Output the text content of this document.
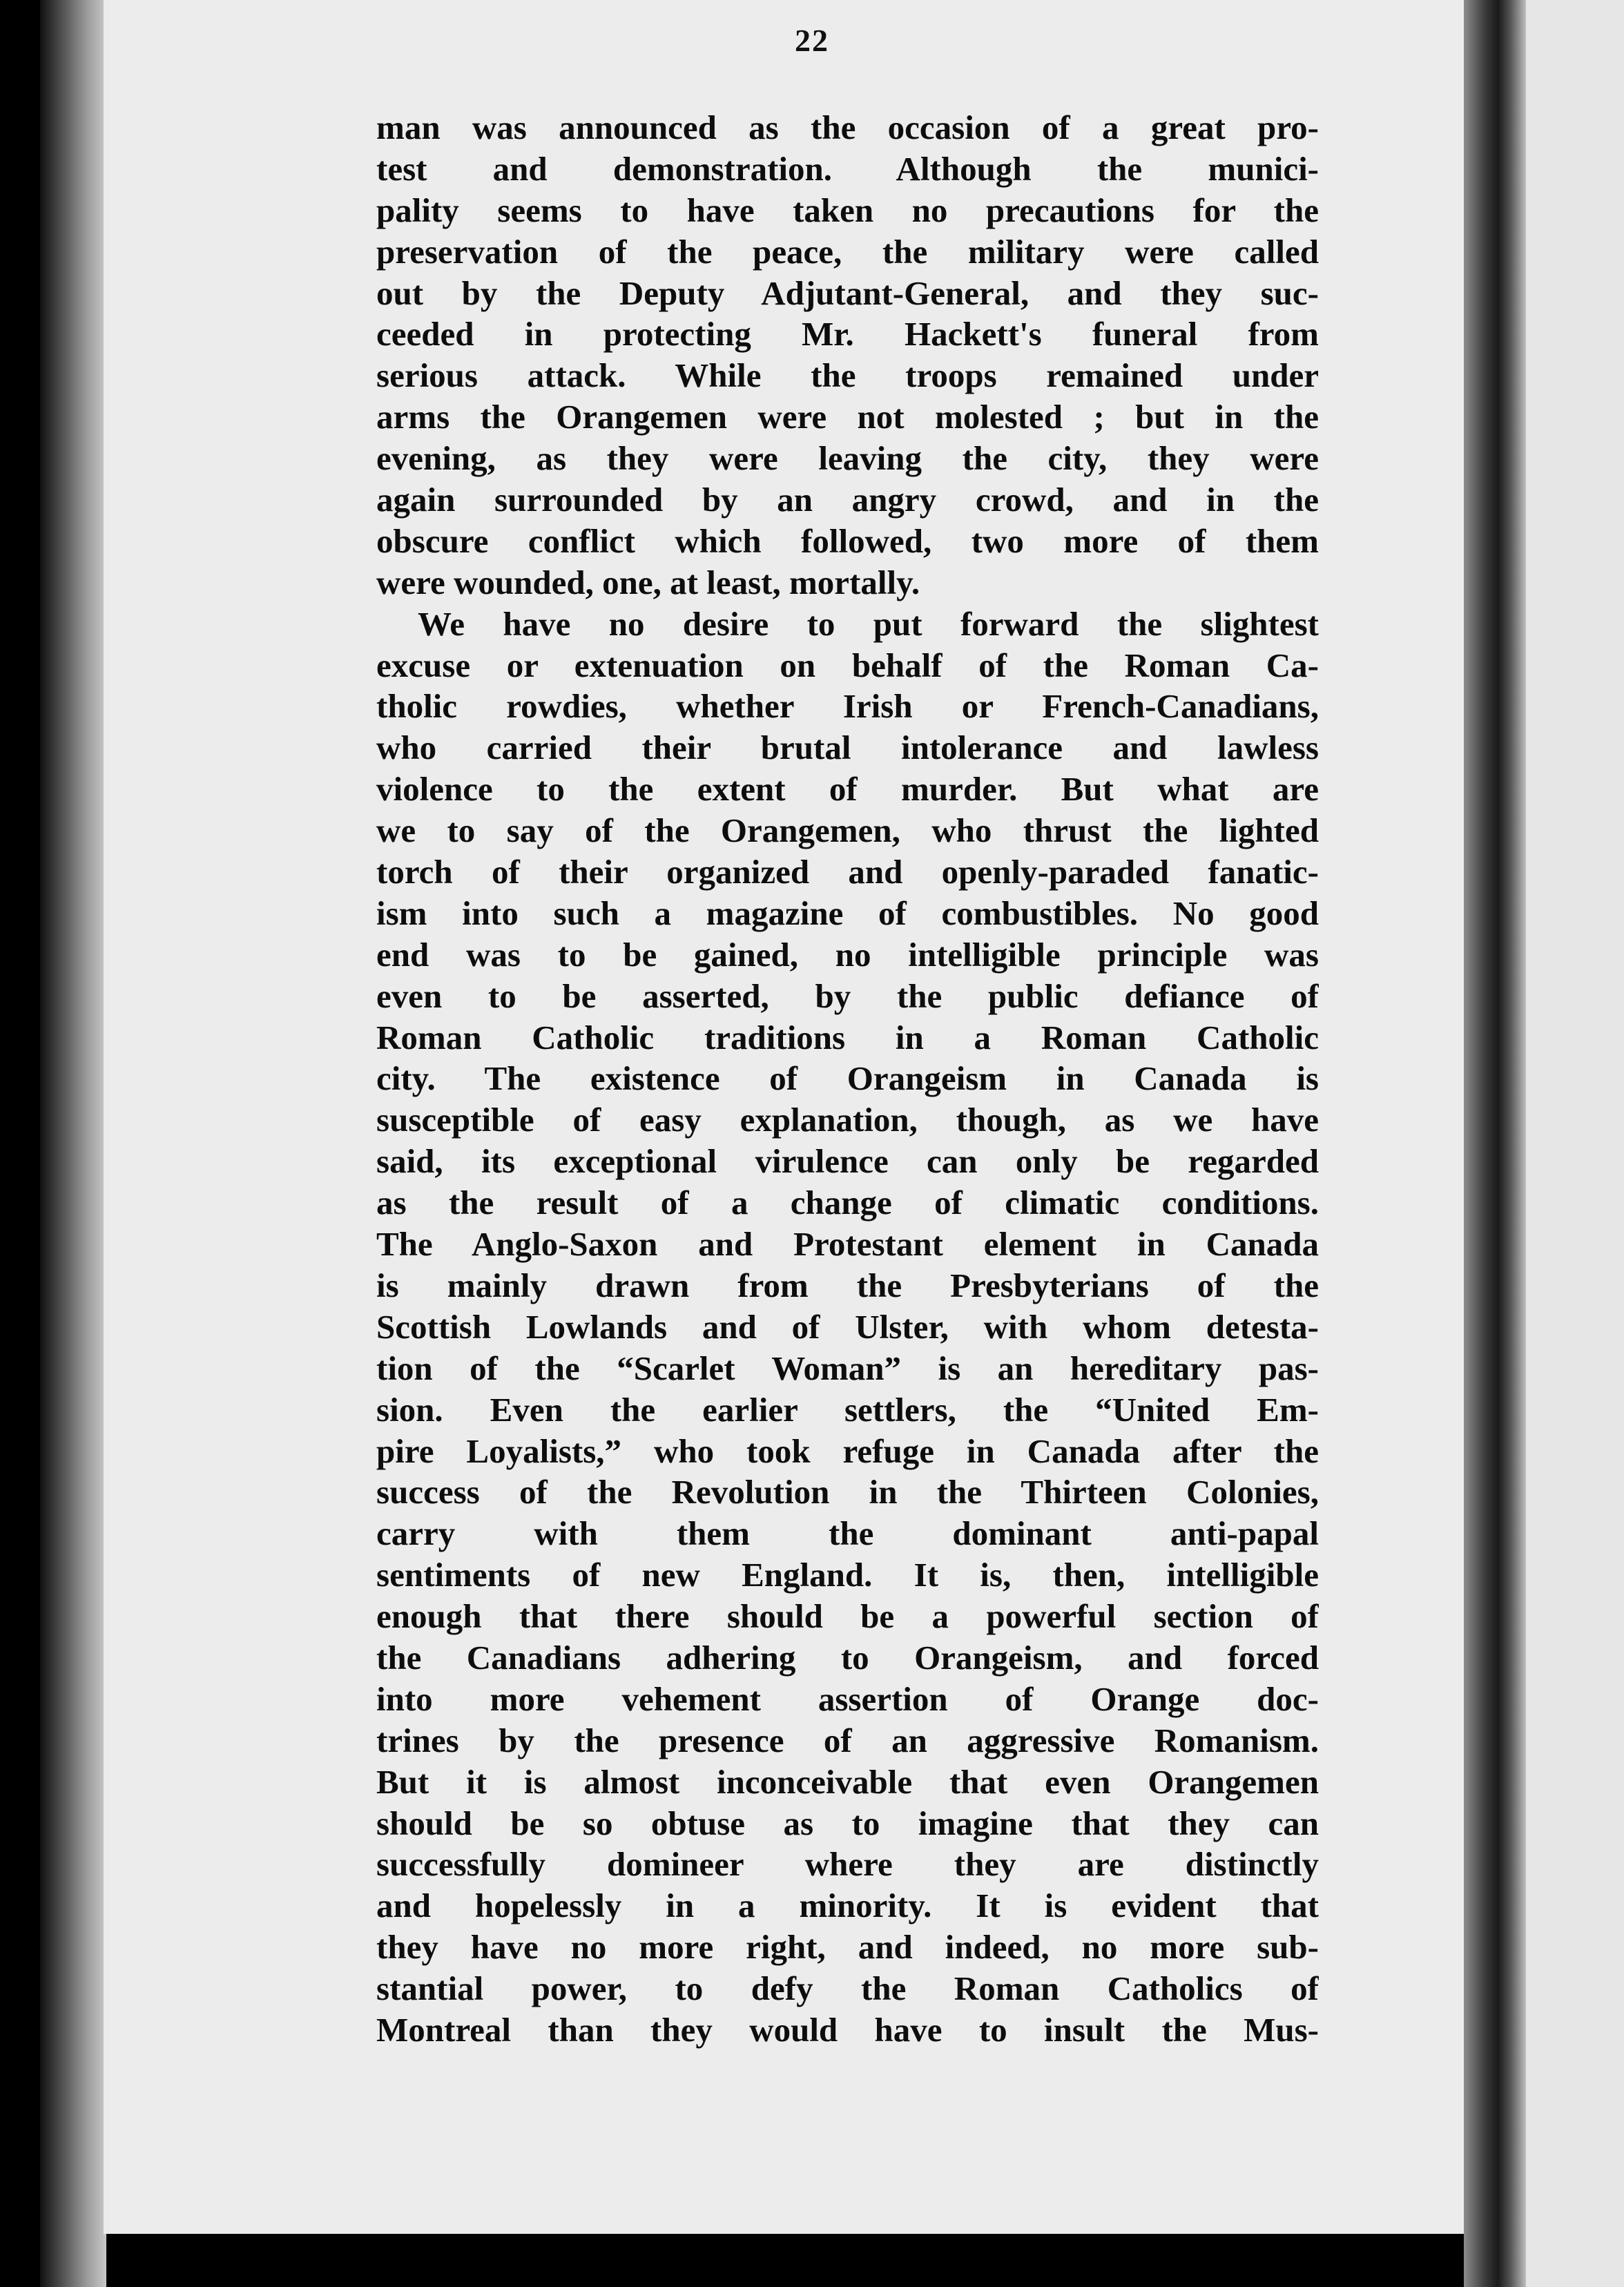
22

man was announced as the occasion of a great pro-
test and demonstration. Although the munici-
pality seems to have taken no precautions for the
preservation of the peace, the military were called
out by the Deputy Adjutant-General, and they suc-
ceeded in protecting Mr. Hackett's funeral from
serious attack. While the troops remained under
arms the Orangemen were not molested ; but in the
evening, as they were leaving the city, they were
again surrounded by an angry crowd, and in the
obscure conflict which followed, two more of them
were wounded, one, at least, mortally.

We have no desire to put forward the slightest
excuse or extenuation on behalf of the Roman Ca-
tholic rowdies, whether Irish or French-Canadians,
who carried their brutal intolerance and lawless
violence to the extent of murder. But what are
we to say of the Orangemen, who thrust the lighted
torch of their organized and openly-paraded fanatic-
ism into such a magazine of combustibles. No good
end was to be gained, no intelligible principle was
even to be asserted, by the public defiance of
Roman Catholic traditions in a Roman Catholic
city. The existence of Orangeism in Canada is
susceptible of easy explanation, though, as we have
said, its exceptional virulence can only be regarded
as the result of a change of climatic conditions.
The Anglo-Saxon and Protestant element in Canada
is mainly drawn from the Presbyterians of the
Scottish Lowlands and of Ulster, with whom detesta-
tion of the “Scarlet Woman” is an hereditary pas-
sion. Even the earlier settlers, the “United Em-
pire Loyalists,” who took refuge in Canada after the
success of the Revolution in the Thirteen Colonies,
carry with them the dominant anti-papal
sentiments of new England. It is, then, intelligible
enough that there should be a powerful section of
the Canadians adhering to Orangeism, and forced
into more vehement assertion of Orange doc-
trines by the presence of an aggressive Romanism.
But it is almost inconceivable that even Orangemen
should be so obtuse as to imagine that they can
successfully domineer where they are distinctly
and hopelessly in a minority. It is evident that
they have no more right, and indeed, no more sub-
stantial power, to defy the Roman Catholics of
Montreal than they would have to insult the Mus-
